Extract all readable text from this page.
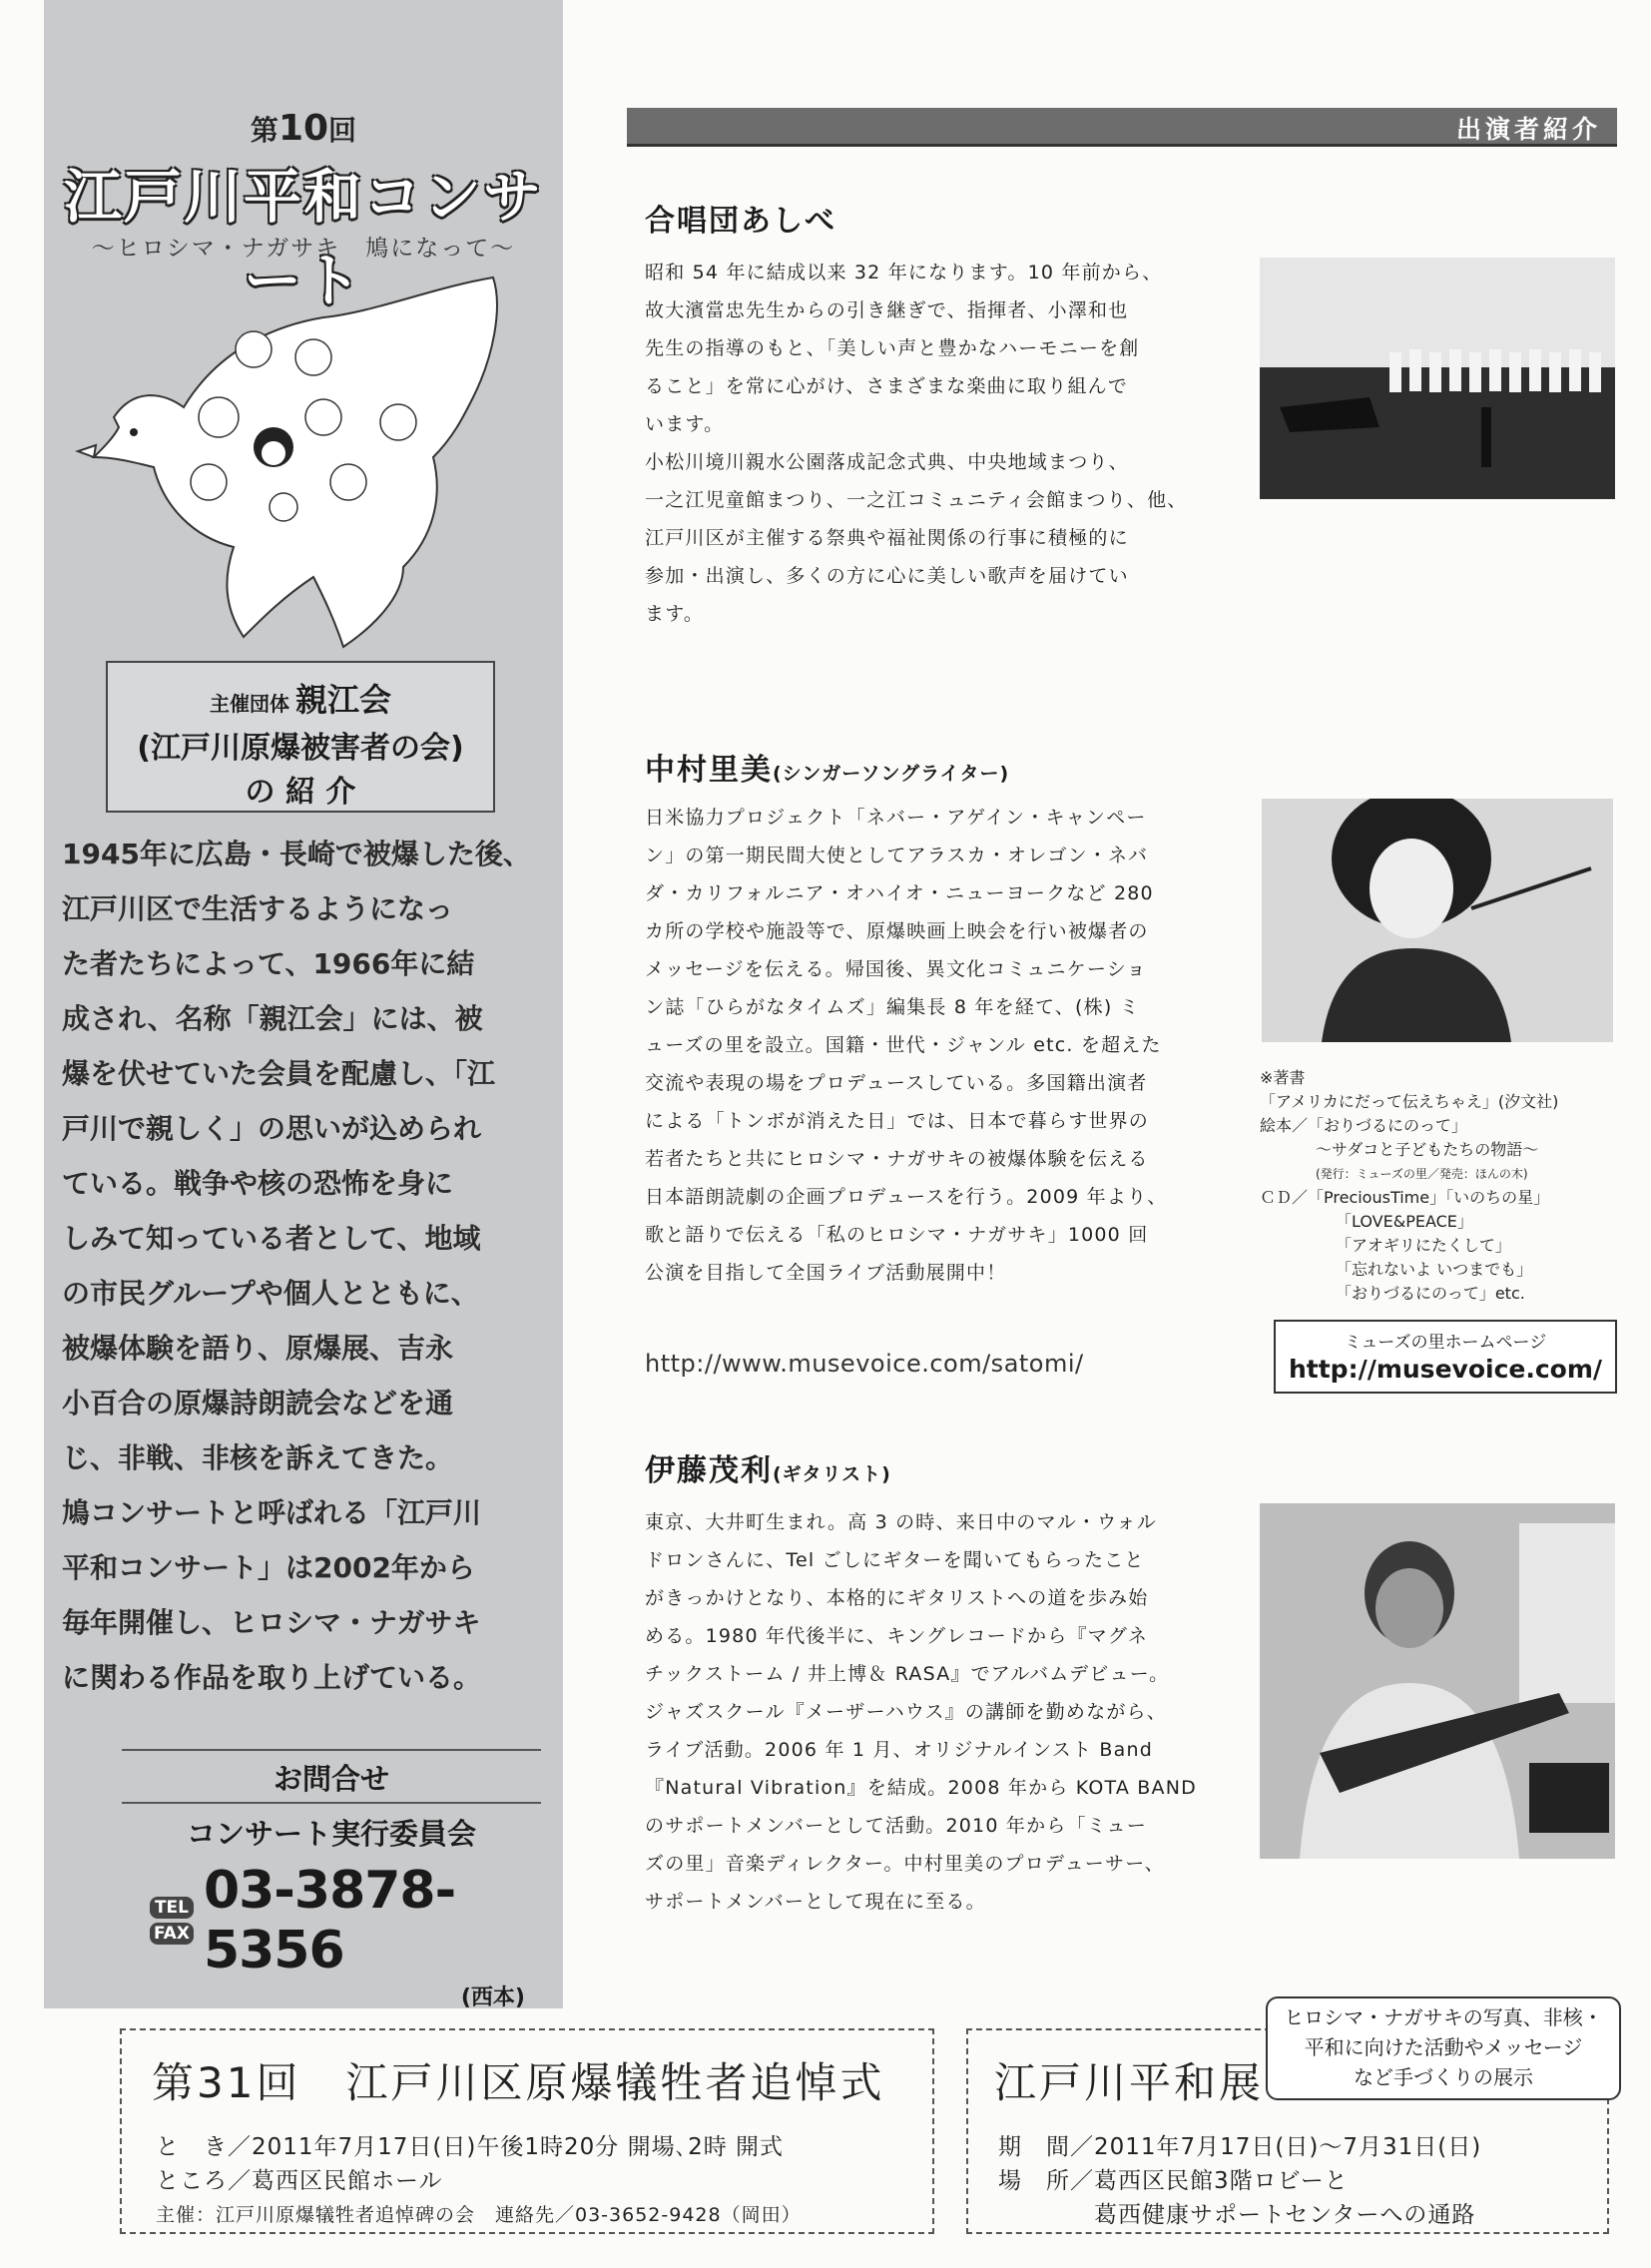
第10回
江戸川平和コンサート
〜ヒロシマ・ナガサキ　鳩になって〜
主催団体 親江会
(江戸川原爆被害者の会)
の 紹 介

1945年に広島・長崎で被爆した後、

江戸川区で生活するようになっ

た者たちによって、1966年に結

成され、名称「親江会」には、被

爆を伏せていた会員を配慮し、「江

戸川で親しく」の思いが込められ

ている。戦争や核の恐怖を身に

しみて知っている者として、地域

の市民グループや個人とともに、

被爆体験を語り、原爆展、吉永

小百合の原爆詩朗読会などを通

じ、非戦、非核を訴えてきた。

鳩コンサートと呼ばれる「江戸川

平和コンサート」は2002年から

毎年開催し、ヒロシマ・ナガサキ

に関わる作品を取り上げている。

お問合せ
コンサート実行委員会
TEL
FAX
03-3878-5356
(西本)
出演者紹介
合唱団あしべ

昭和 54 年に結成以来 32 年になります。10 年前から、

故大濱當忠先生からの引き継ぎで、指揮者、小澤和也

先生の指導のもと、「美しい声と豊かなハーモニーを創

ること」を常に心がけ、さまざまな楽曲に取り組んで

います。

小松川境川親水公園落成記念式典、中央地域まつり、

一之江児童館まつり、一之江コミュニティ会館まつり、他、

江戸川区が主催する祭典や福祉関係の行事に積極的に

参加・出演し、多くの方に心に美しい歌声を届けてい

ます。

中村里美(シンガーソングライター)

日米協力プロジェクト「ネバー・アゲイン・キャンペー

ン」の第一期民間大使としてアラスカ・オレゴン・ネバ

ダ・カリフォルニア・オハイオ・ニューヨークなど 280

カ所の学校や施設等で、原爆映画上映会を行い被爆者の

メッセージを伝える。帰国後、異文化コミュニケーショ

ン誌「ひらがなタイムズ」編集長 8 年を経て、(株) ミ

ューズの里を設立。国籍・世代・ジャンル etc. を超えた

交流や表現の場をプロデュースしている。多国籍出演者

による「トンボが消えた日」では、日本で暮らす世界の

若者たちと共にヒロシマ・ナガサキの被爆体験を伝える

日本語朗読劇の企画プロデュースを行う。2009 年より、

歌と語りで伝える「私のヒロシマ・ナガサキ」1000 回

公演を目指して全国ライブ活動展開中！

http://www.musevoice.com/satomi/

※著書

「アメリカにだって伝えちゃえ」(汐文社)

絵本／「おりづるにのって」

〜サダコと子どもたちの物語〜

(発行：ミューズの里／発売：ほんの木)

ＣＤ／「PreciousTime」「いのちの星」

「LOVE&PEACE」

「アオギリにたくして」

「忘れないよ いつまでも」

「おりづるにのって」etc.

ミューズの里ホームページ
http://musevoice.com/
伊藤茂利(ギタリスト)

東京、大井町生まれ。高 3 の時、来日中のマル・ウォル

ドロンさんに、Tel ごしにギターを聞いてもらったこと

がきっかけとなり、本格的にギタリストへの道を歩み始

める。1980 年代後半に、キングレコードから『マグネ

チックストーム / 井上博＆ RASA』でアルバムデビュー。

ジャズスクール『メーザーハウス』の講師を勤めながら、

ライブ活動。2006 年 1 月、オリジナルインスト Band

『Natural Vibration』を結成。2008 年から KOTA BAND

のサポートメンバーとして活動。2010 年から「ミュー

ズの里」音楽ディレクター。中村里美のプロデューサー、

サポートメンバーとして現在に至る。

第31回　江戸川区原爆犠牲者追悼式
と　き／2011年7月17日(日)午後1時20分 開場､2時 開式
ところ／葛西区民館ホール
主催：江戸川原爆犠牲者追悼碑の会　連絡先／03-3652-9428（岡田）
江戸川平和展
期　間／2011年7月17日(日)〜7月31日(日)
場　所／葛西区民館3階ロビーと
葛西健康サポートセンターへの通路
ヒロシマ・ナガサキの写真、非核・
平和に向けた活動やメッセージ
など手づくりの展示
